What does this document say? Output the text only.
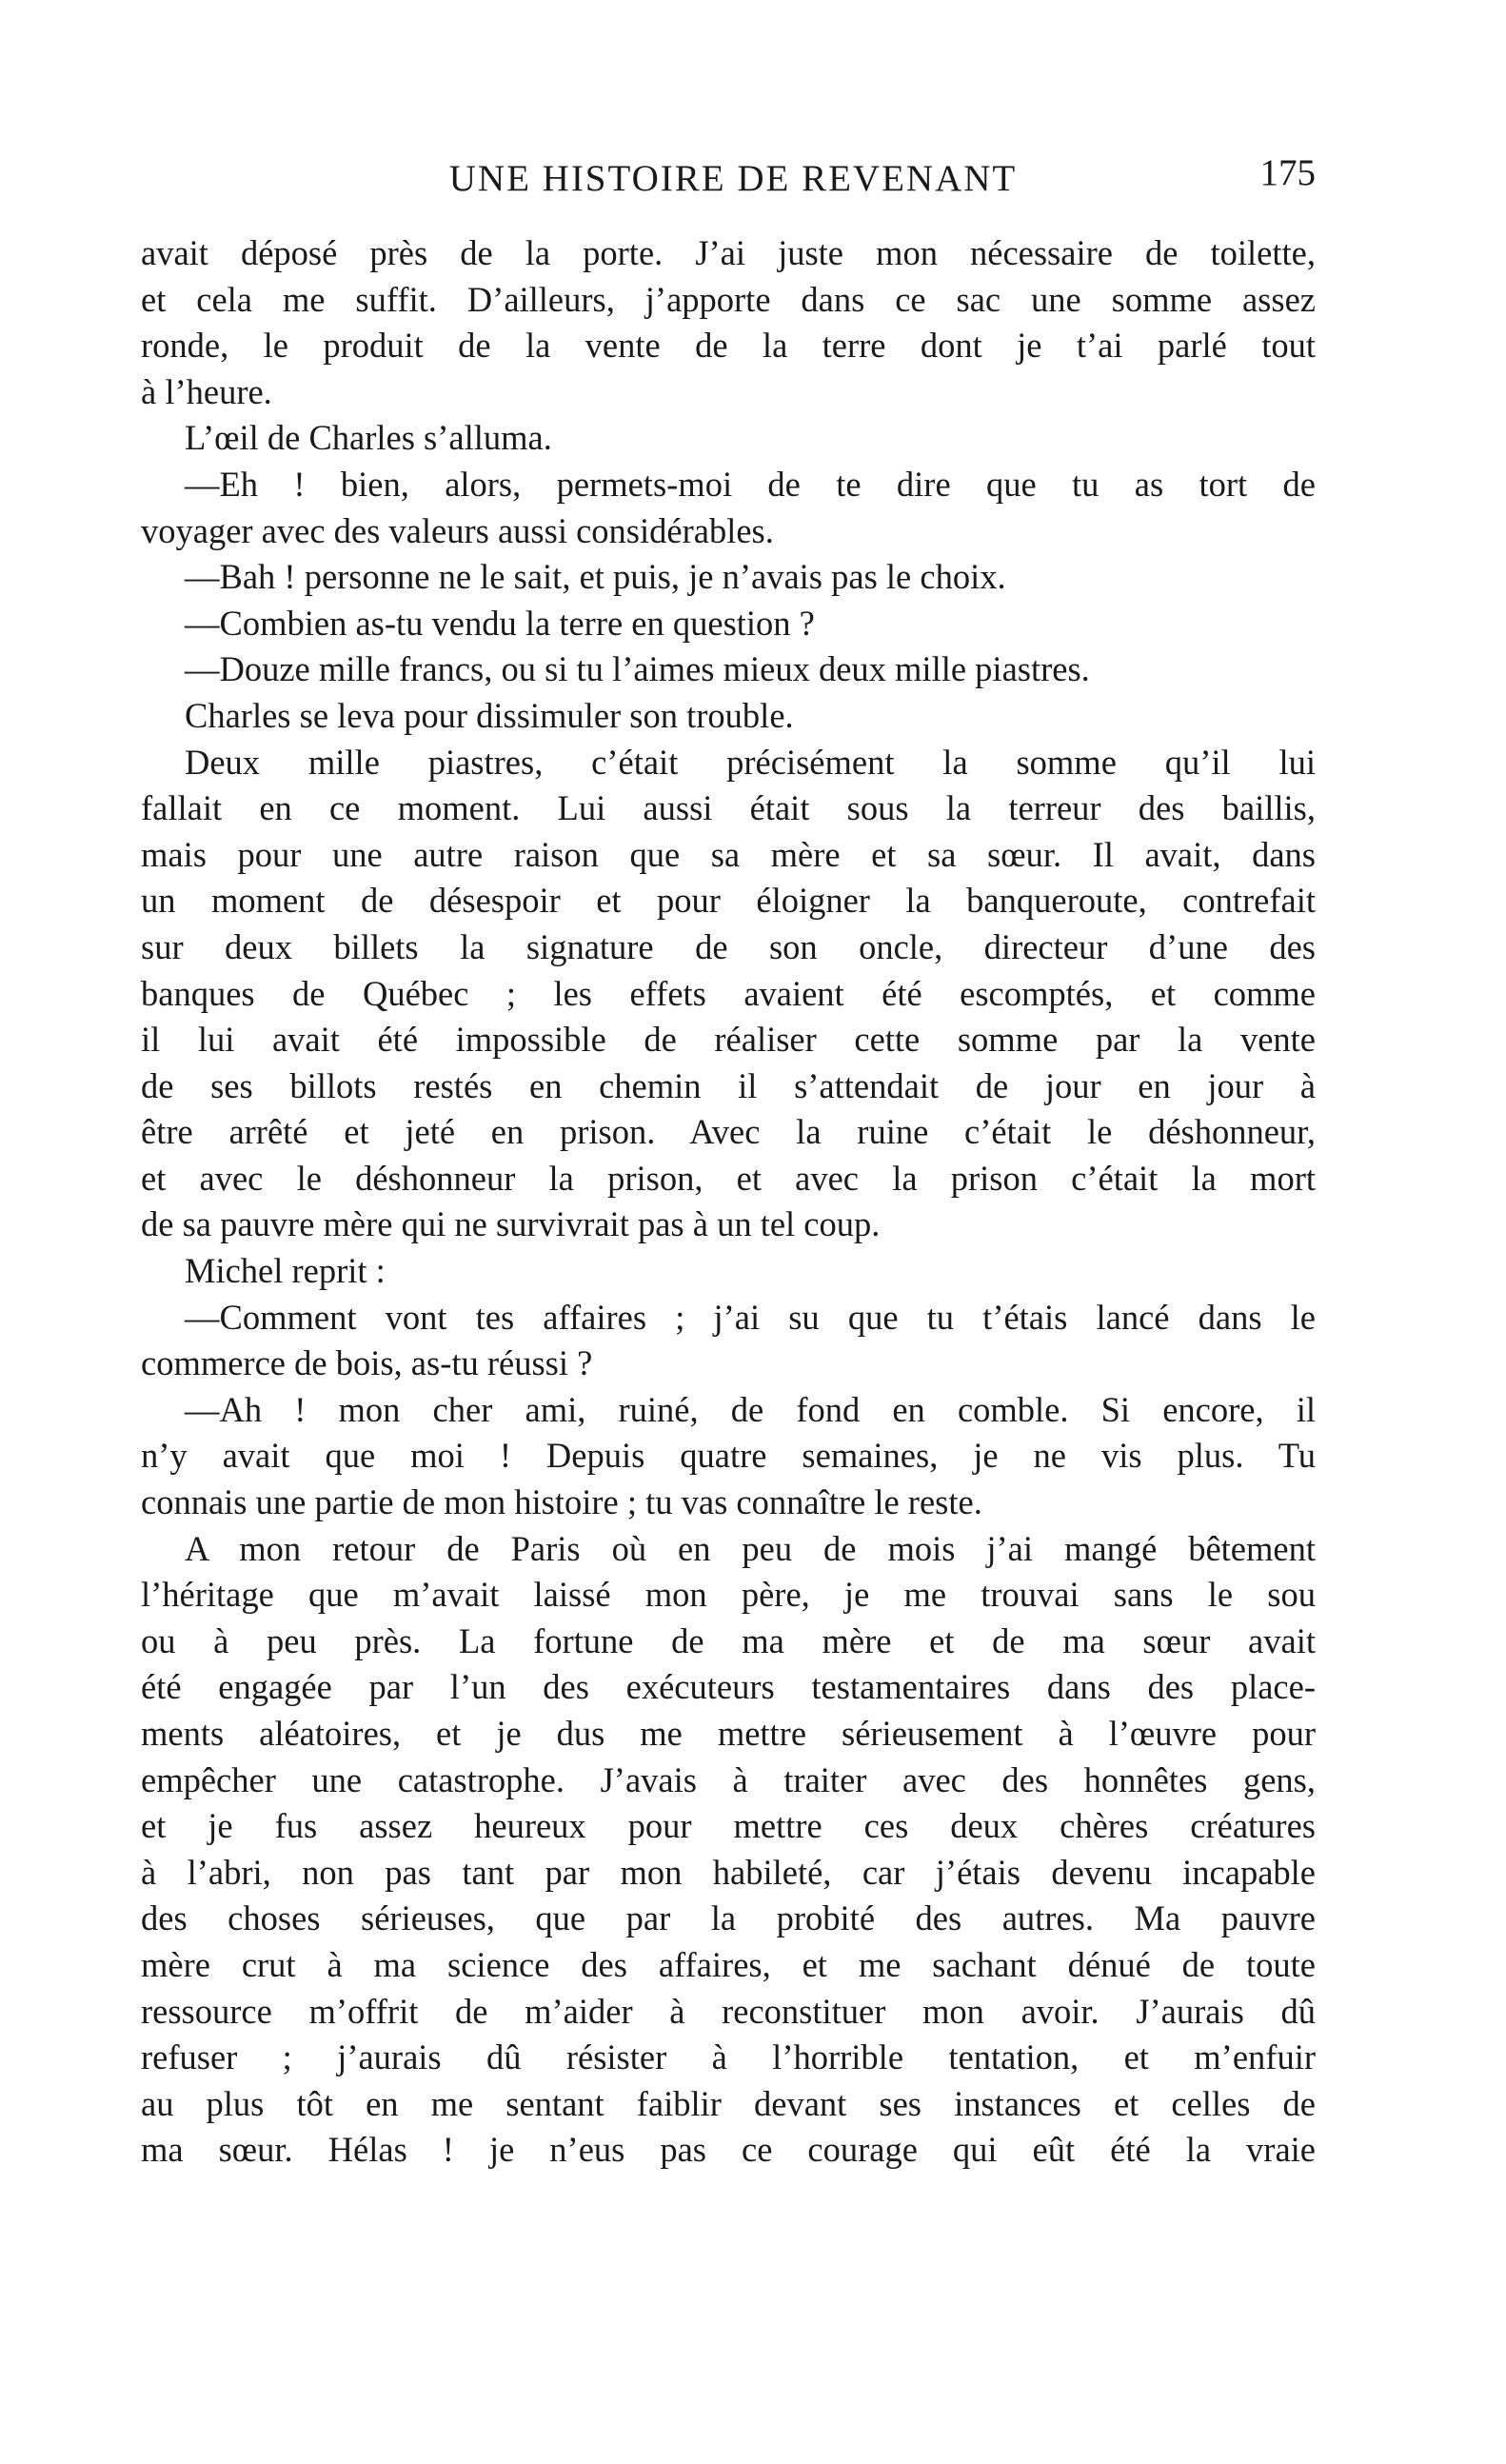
UNE HISTOIRE DE REVENANT	175
avait déposé près de la porte. J’ai juste mon nécessaire de toilette,
et cela me suffit. D’ailleurs, j’apporte dans ce sac une somme assez
ronde, le produit de la vente de la terre dont je t’ai parlé tout
à l’heure.
L’œil de Charles s’alluma.
—Eh ! bien, alors, permets-moi de te dire que tu as tort de
voyager avec des valeurs aussi considérables.
—Bah ! personne ne le sait, et puis, je n’avais pas le choix.
—Combien as-tu vendu la terre en question ?
—Douze mille francs, ou si tu l’aimes mieux deux mille piastres.
Charles se leva pour dissimuler son trouble.
Deux mille piastres, c’était précisément la somme qu’il lui
fallait en ce moment. Lui aussi était sous la terreur des baillis,
mais pour une autre raison que sa mère et sa sœur. Il avait, dans
un moment de désespoir et pour éloigner la banqueroute, contrefait
sur deux billets la signature de son oncle, directeur d’une des
banques de Québec ; les effets avaient été escomptés, et comme
il lui avait été impossible de réaliser cette somme par la vente
de ses billots restés en chemin il s’attendait de jour en jour à
être arrêté et jeté en prison. Avec la ruine c’était le déshonneur,
et avec le déshonneur la prison, et avec la prison c’était la mort
de sa pauvre mère qui ne survivrait pas à un tel coup.
Michel reprit :
—Comment vont tes affaires ; j’ai su que tu t’étais lancé dans le
commerce de bois, as-tu réussi ?
—Ah ! mon cher ami, ruiné, de fond en comble. Si encore, il
n’y avait que moi ! Depuis quatre semaines, je ne vis plus. Tu
connais une partie de mon histoire ; tu vas connaître le reste.
A mon retour de Paris où en peu de mois j’ai mangé bêtement
l’héritage que m’avait laissé mon père, je me trouvai sans le sou
ou à peu près. La fortune de ma mère et de ma sœur avait
été engagée par l’un des exécuteurs testamentaires dans des place-
ments aléatoires, et je dus me mettre sérieusement à l’œuvre pour
empêcher une catastrophe. J’avais à traiter avec des honnêtes gens,
et je fus assez heureux pour mettre ces deux chères créatures
à l’abri, non pas tant par mon habileté, car j’étais devenu incapable
des choses sérieuses, que par la probité des autres. Ma pauvre
mère crut à ma science des affaires, et me sachant dénué de toute
ressource m’offrit de m’aider à reconstituer mon avoir. J’aurais dû
refuser ; j’aurais dû résister à l’horrible tentation, et m’enfuir
au plus tôt en me sentant faiblir devant ses instances et celles de
ma sœur. Hélas ! je n’eus pas ce courage qui eût été la vraie
